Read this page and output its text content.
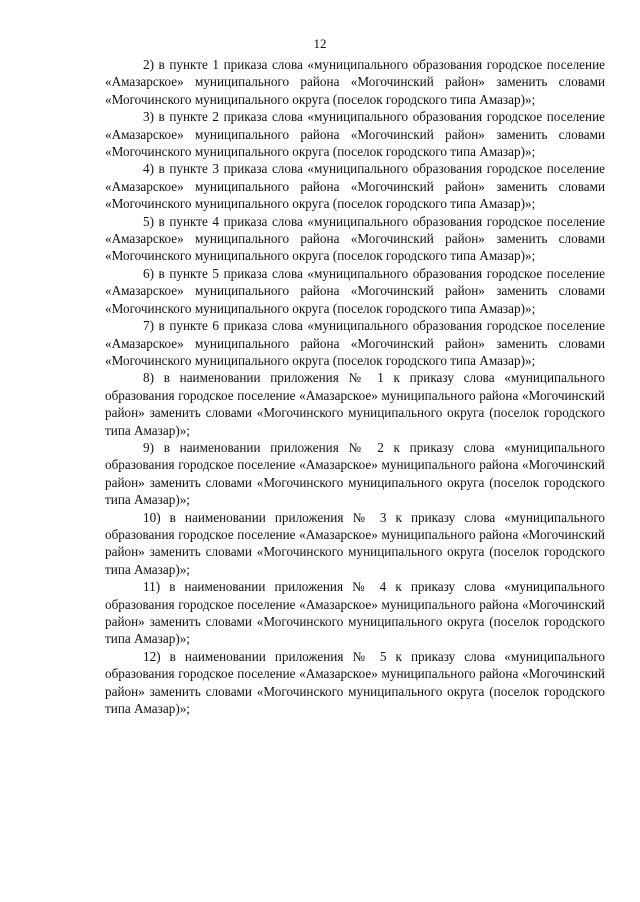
12

2) в пункте 1 приказа слова «муниципального образования городское поселение «Амазарское» муниципального района «Могочинский район» заменить словами «Могочинского муниципального округа (поселок городского типа Амазар)»;

3) в пункте 2 приказа слова «муниципального образования городское поселение «Амазарское» муниципального района «Могочинский район» заменить словами «Могочинского муниципального округа (поселок городского типа Амазар)»;

4) в пункте 3 приказа слова «муниципального образования городское поселение «Амазарское» муниципального района «Могочинский район» заменить словами «Могочинского муниципального округа (поселок городского типа Амазар)»;

5) в пункте 4 приказа слова «муниципального образования городское поселение «Амазарское» муниципального района «Могочинский район» заменить словами «Могочинского муниципального округа (поселок городского типа Амазар)»;

6) в пункте 5 приказа слова «муниципального образования городское поселение «Амазарское» муниципального района «Могочинский район» заменить словами «Могочинского муниципального округа (поселок городского типа Амазар)»;

7) в пункте 6 приказа слова «муниципального образования городское поселение «Амазарское» муниципального района «Могочинский район» заменить словами «Могочинского муниципального округа (поселок городского типа Амазар)»;

8) в наименовании приложения № 1 к приказу слова «муниципального образования городское поселение «Амазарское» муниципального района «Могочинский район» заменить словами «Могочинского муниципального округа (поселок городского типа Амазар)»;

9) в наименовании приложения № 2 к приказу слова «муниципального образования городское поселение «Амазарское» муниципального района «Могочинский район» заменить словами «Могочинского муниципального округа (поселок городского типа Амазар)»;

10) в наименовании приложения № 3 к приказу слова «муниципального образования городское поселение «Амазарское» муниципального района «Могочинский район» заменить словами «Могочинского муниципального округа (поселок городского типа Амазар)»;

11) в наименовании приложения № 4 к приказу слова «муниципального образования городское поселение «Амазарское» муниципального района «Могочинский район» заменить словами «Могочинского муниципального округа (поселок городского типа Амазар)»;

12) в наименовании приложения № 5 к приказу слова «муниципального образования городское поселение «Амазарское» муниципального района «Могочинский район» заменить словами «Могочинского муниципального округа (поселок городского типа Амазар)»;
